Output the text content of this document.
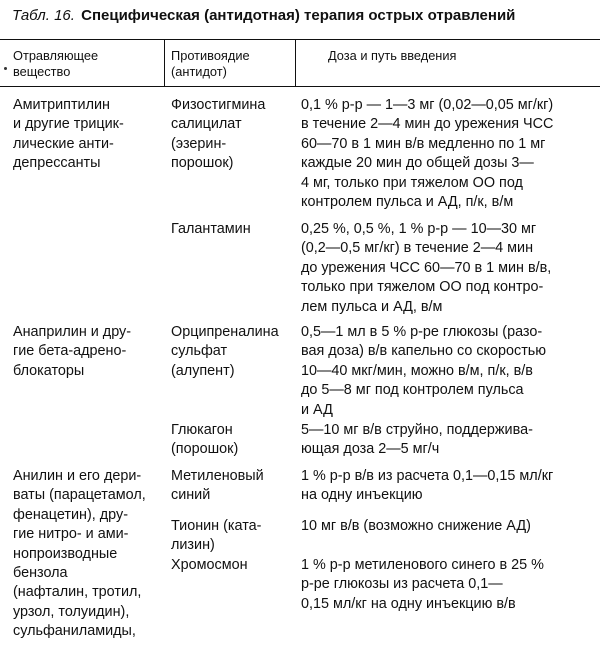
Табл. 16. Специфическая (антидотная) терапия острых отравлений
Отравляющее
вещество
Противоядие
(антидот)
Доза и путь введения
Амитриптилин
и другие трицик-
лические анти-
депрессанты
Физостигмина
салицилат
(эзерин-
порошок)
0,1 % р-р — 1—3 мг (0,02—0,05 мг/кг)
в течение 2—4 мин до урежения ЧСС
60—70 в 1 мин в/в медленно по 1 мг
каждые 20 мин до общей дозы 3—
4 мг, только при тяжелом ОО под
контролем пульса и АД, п/к, в/м
Галантамин	0,25 %, 0,5 %, 1 % р-р — 10—30 мг
(0,2—0,5 мг/кг) в течение 2—4 мин
до урежения ЧСС 60—70 в 1 мин в/в,
только при тяжелом ОО под контро-
лем пульса и АД, в/м
Анаприлин и дру-
гие бета-адрено-
блокаторы
Орципреналина
сульфат
(алупент)
0,5—1 мл в 5 % р-ре глюкозы (разо-
вая доза) в/в капельно со скоростью
10—40 мкг/мин, можно в/м, п/к, в/в
до 5—8 мг под контролем пульса
и АД
Глюкагон
(порошок)
5—10 мг в/в струйно, поддержива-
ющая доза 2—5 мг/ч
Анилин и его дери-
ваты (парацетамол,
фенацетин), дру-
гие нитро- и ами-
нопроизводные
бензола
(нафталин, тротил,
урзол, толуидин),
сульфаниламиды,
Метиленовый
синий
1 % р-р в/в из расчета 0,1—0,15 мл/кг
на одну инъекцию
Тионин (ката-
лизин)
10 мг в/в (возможно снижение АД)
Хромосмон	1 % р-р метиленового синего в 25 %
р-ре глюкозы из расчета 0,1—
0,15 мл/кг на одну инъекцию в/в
